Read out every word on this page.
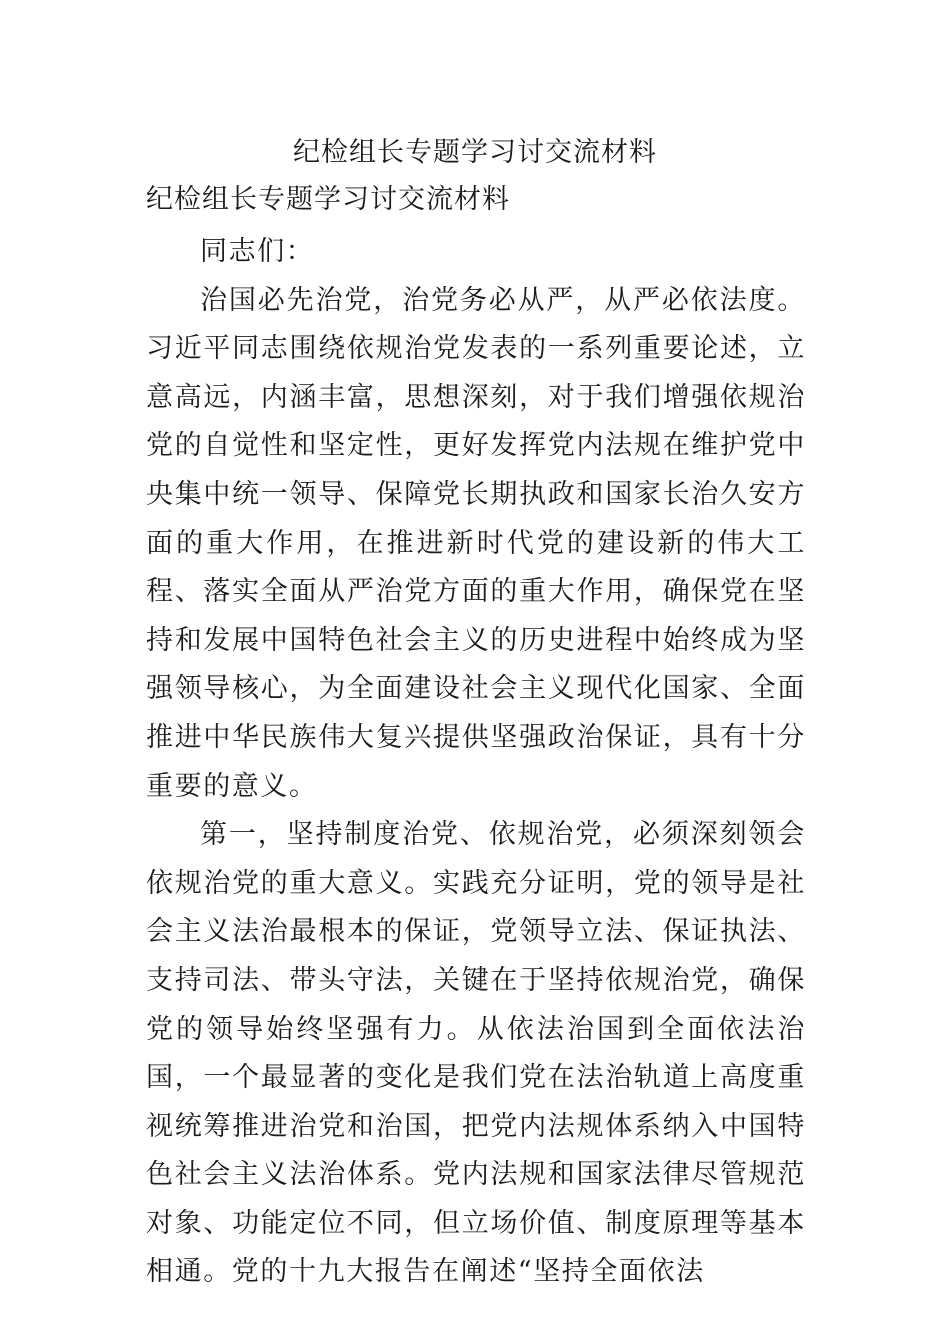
纪检组长专题学习讨交流材料
纪检组长专题学习讨交流材料

同志们：

治国必先治党，治党务必从严，从严必依法度。习近平同志围绕依规治党发表的一系列重要论述，立意高远，内涵丰富，思想深刻，对于我们增强依规治党的自觉性和坚定性，更好发挥党内法规在维护党中央集中统一领导、保障党长期执政和国家长治久安方面的重大作用，在推进新时代党的建设新的伟大工程、落实全面从严治党方面的重大作用，确保党在坚持和发展中国特色社会主义的历史进程中始终成为坚强领导核心，为全面建设社会主义现代化国家、全面推进中华民族伟大复兴提供坚强政治保证，具有十分重要的意义。

第一，坚持制度治党、依规治党，必须深刻领会依规治党的重大意义。实践充分证明，党的领导是社会主义法治最根本的保证，党领导立法、保证执法、支持司法、带头守法，关键在于坚持依规治党，确保党的领导始终坚强有力。从依法治国到全面依法治国，一个最显著的变化是我们党在法治轨道上高度重视统筹推进治党和治国，把党内法规体系纳入中国特色社会主义法治体系。党内法规和国家法律尽管规范对象、功能定位不同，但立场价值、制度原理等基本相通。党的十九大报告在阐述“坚持全面依法
